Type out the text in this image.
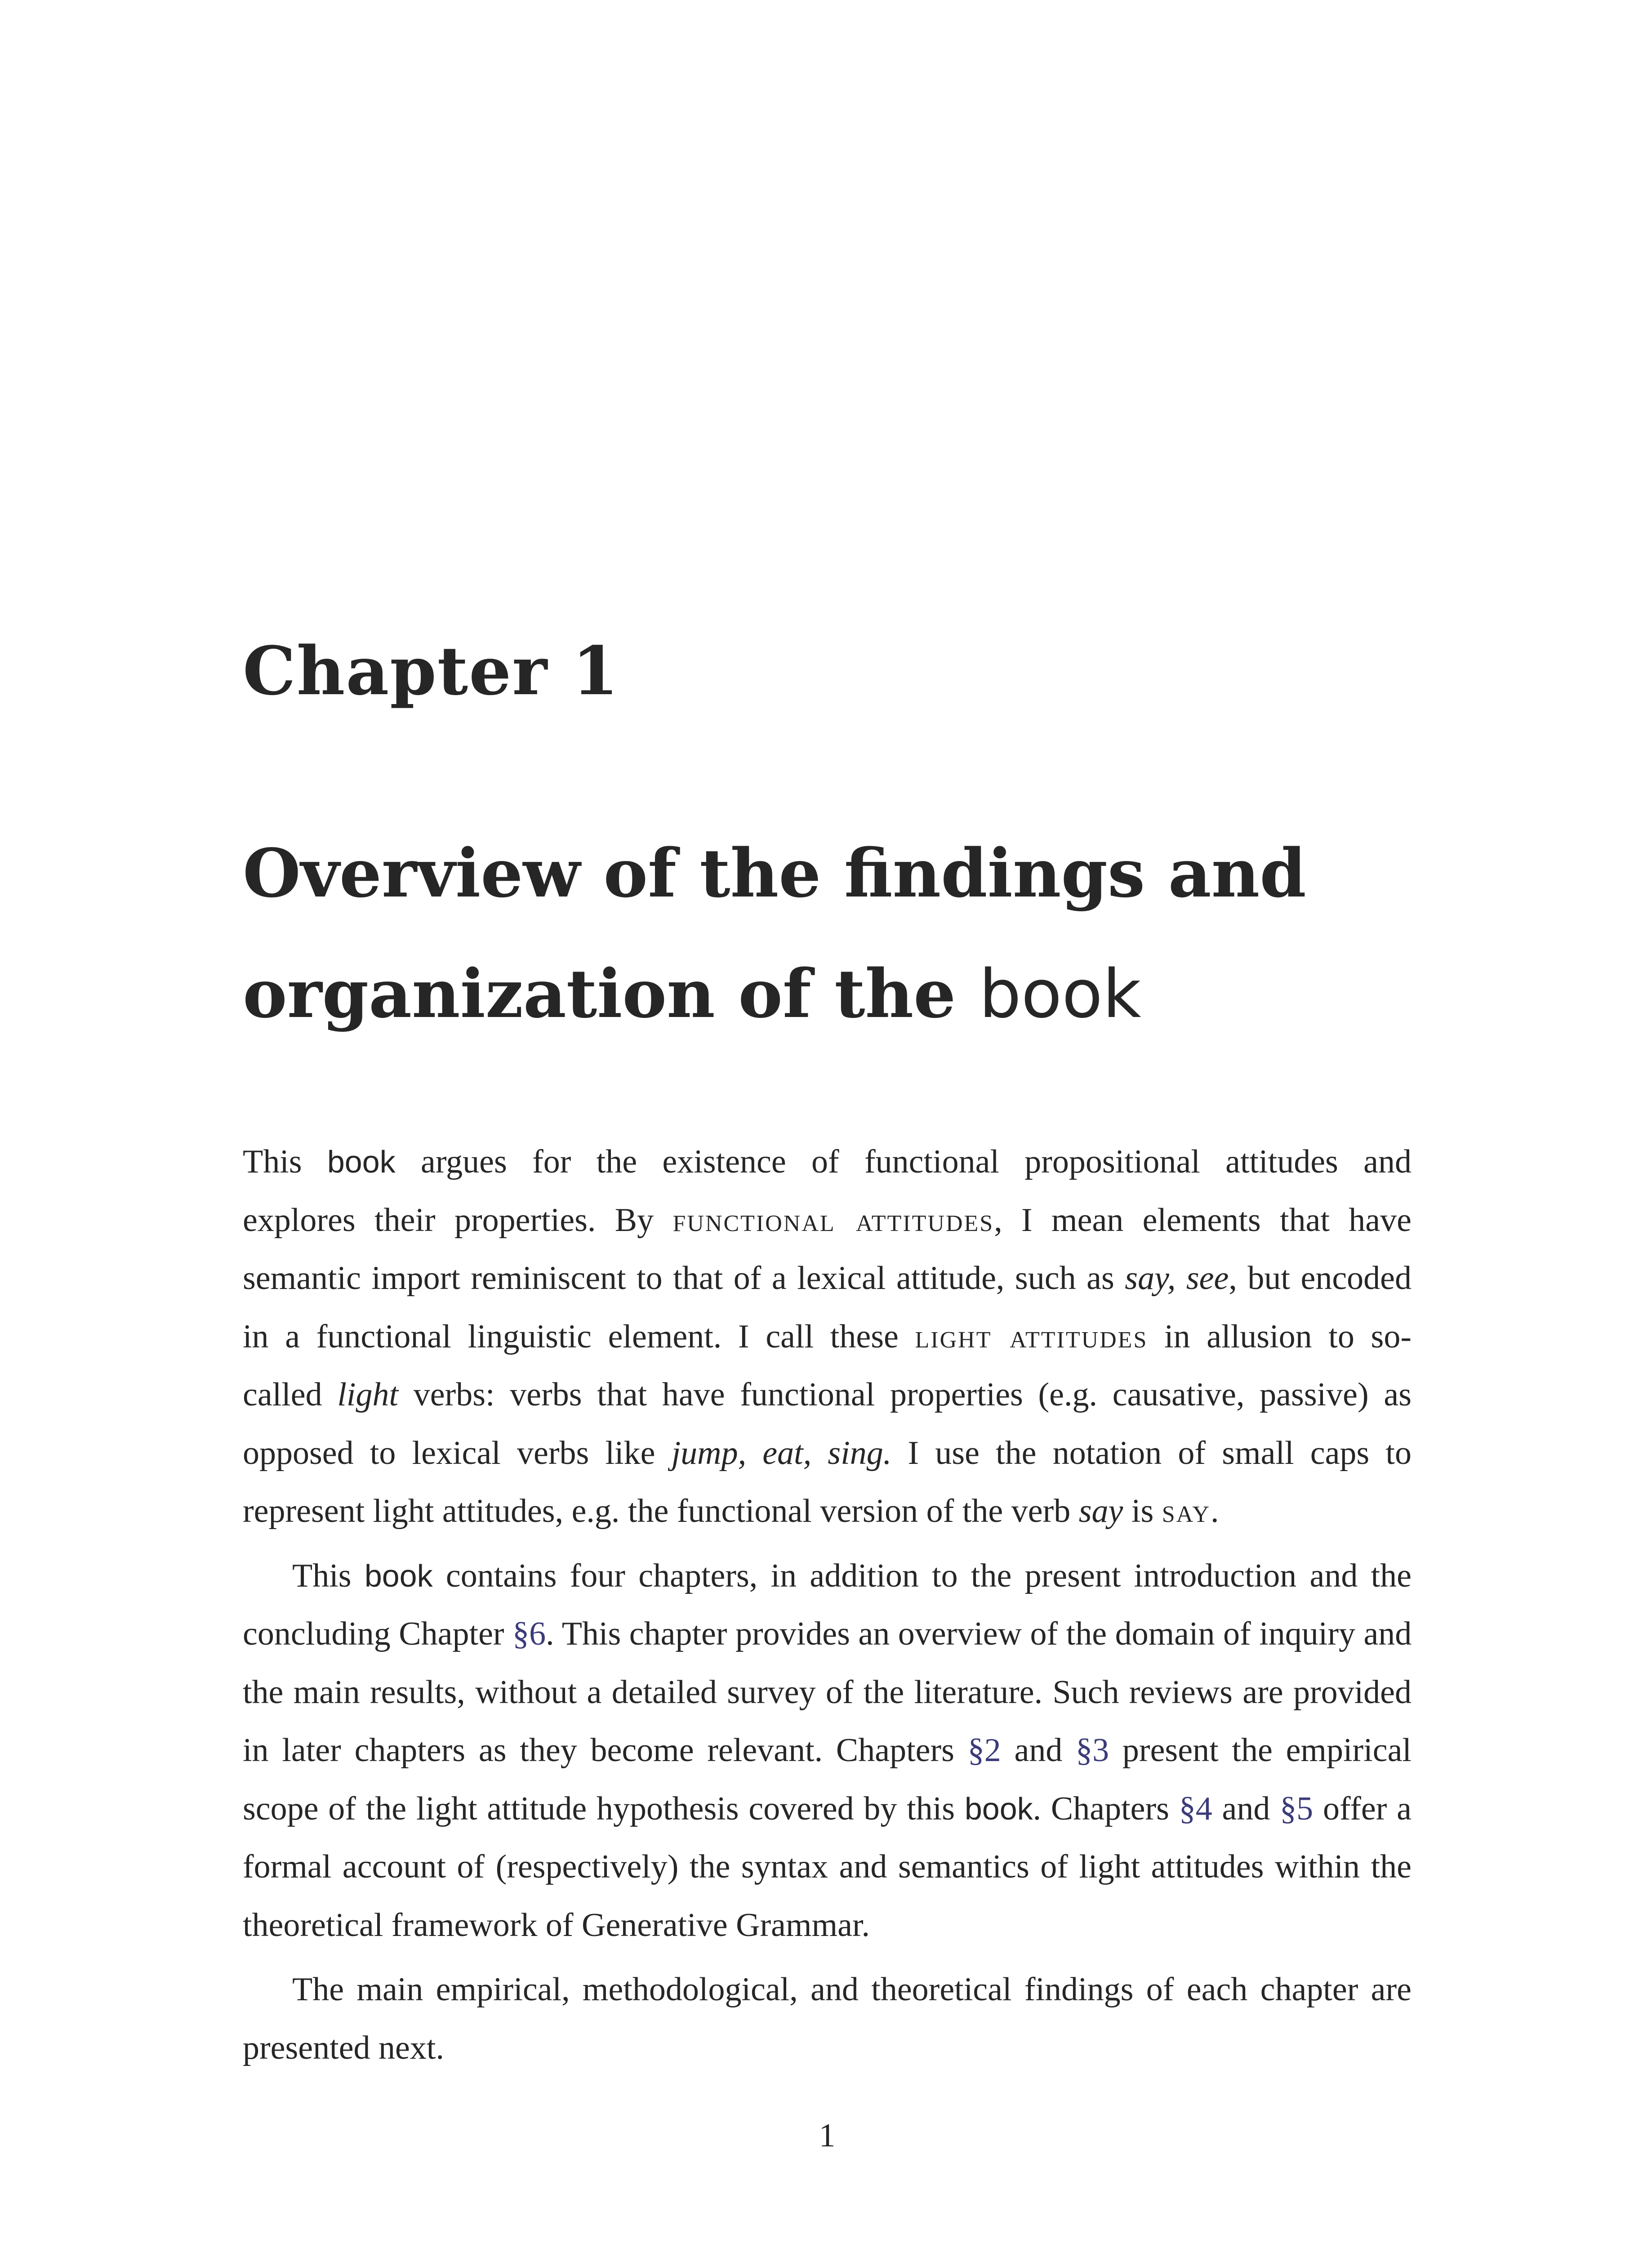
Chapter 1
Overview of the findings and
organization of the book

This book argues for the existence of functional propositional attitudes and
explores their properties. By functional attitudes, I mean elements that have
semantic import reminiscent to that of a lexical attitude, such as say, see, but encoded
in a functional linguistic element. I call these light attitudes in allusion to so-
called light verbs: verbs that have functional properties (e.g. causative, passive) as
opposed to lexical verbs like jump, eat, sing. I use the notation of small caps to
represent light attitudes, e.g. the functional version of the verb say is say.

This book contains four chapters, in addition to the present introduction and the
concluding Chapter §6. This chapter provides an overview of the domain of inquiry and
the main results, without a detailed survey of the literature. Such reviews are provided
in later chapters as they become relevant. Chapters §2 and §3 present the empirical
scope of the light attitude hypothesis covered by this book. Chapters §4 and §5 offer a
formal account of (respectively) the syntax and semantics of light attitudes within the
theoretical framework of Generative Grammar.

The main empirical, methodological, and theoretical findings of each chapter are
presented next.

1
